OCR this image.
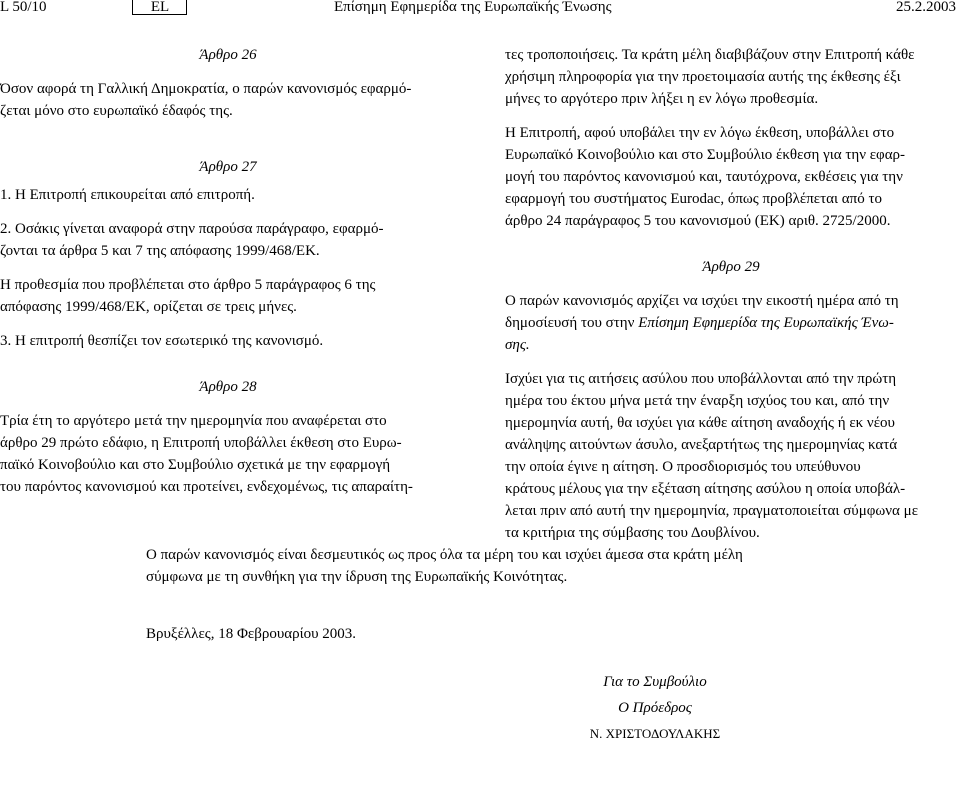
L 50/10	EL	Επίσημη Εφημερίδα της Ευρωπαϊκής Ένωσης	25.2.2003

Άρθρο 26

Όσον αφορά τη Γαλλική Δημοκρατία, ο παρών κανονισμός εφαρμό-

ζεται μόνο στο ευρωπαϊκό έδαφός της.

Άρθρο 27

1. Η Επιτροπή επικουρείται από επιτροπή.

2. Οσάκις γίνεται αναφορά στην παρούσα παράγραφο, εφαρμό-

ζονται τα άρθρα 5 και 7 της απόφασης 1999/468/ΕΚ.

Η προθεσμία που προβλέπεται στο άρθρο 5 παράγραφος 6 της

απόφασης 1999/468/ΕΚ, ορίζεται σε τρεις μήνες.

3. Η επιτροπή θεσπίζει τον εσωτερικό της κανονισμό.

Άρθρο 28

Τρία έτη το αργότερο μετά την ημερομηνία που αναφέρεται στο

άρθρο 29 πρώτο εδάφιο, η Επιτροπή υποβάλλει έκθεση στο Ευρω-

παϊκό Κοινοβούλιο και στο Συμβούλιο σχετικά με την εφαρμογή

του παρόντος κανονισμού και προτείνει, ενδεχομένως, τις απαραίτη-

τες τροποποιήσεις. Τα κράτη μέλη διαβιβάζουν στην Επιτροπή κάθε

χρήσιμη πληροφορία για την προετοιμασία αυτής της έκθεσης έξι

μήνες το αργότερο πριν λήξει η εν λόγω προθεσμία.

Η Επιτροπή, αφού υποβάλει την εν λόγω έκθεση, υποβάλλει στο

Ευρωπαϊκό Κοινοβούλιο και στο Συμβούλιο έκθεση για την εφαρ-

μογή του παρόντος κανονισμού και, ταυτόχρονα, εκθέσεις για την

εφαρμογή του συστήματος Eurodac, όπως προβλέπεται από το

άρθρο 24 παράγραφος 5 του κανονισμού (ΕΚ) αριθ. 2725/2000.

Άρθρο 29

Ο παρών κανονισμός αρχίζει να ισχύει την εικοστή ημέρα από τη

δημοσίευσή του στην Επίσημη Εφημερίδα της Ευρωπαϊκής Ένω-

σης.

Ισχύει για τις αιτήσεις ασύλου που υποβάλλονται από την πρώτη

ημέρα του έκτου μήνα μετά την έναρξη ισχύος του και, από την

ημερομηνία αυτή, θα ισχύει για κάθε αίτηση αναδοχής ή εκ νέου

ανάληψης αιτούντων άσυλο, ανεξαρτήτως της ημερομηνίας κατά

την οποία έγινε η αίτηση. Ο προσδιορισμός του υπεύθυνου

κράτους μέλους για την εξέταση αίτησης ασύλου η οποία υποβάλ-

λεται πριν από αυτή την ημερομηνία, πραγματοποιείται σύμφωνα με

τα κριτήρια της σύμβασης του Δουβλίνου.

Ο παρών κανονισμός είναι δεσμευτικός ως προς όλα τα μέρη του και ισχύει άμεσα στα κράτη μέλη
σύμφωνα με τη συνθήκη για την ίδρυση της Ευρωπαϊκής Κοινότητας.
Βρυξέλλες, 18 Φεβρουαρίου 2003.
Για το Συμβούλιο
Ο Πρόεδρος
Ν. ΧΡΙΣΤΟΔΟΥΛΑΚΗΣ
